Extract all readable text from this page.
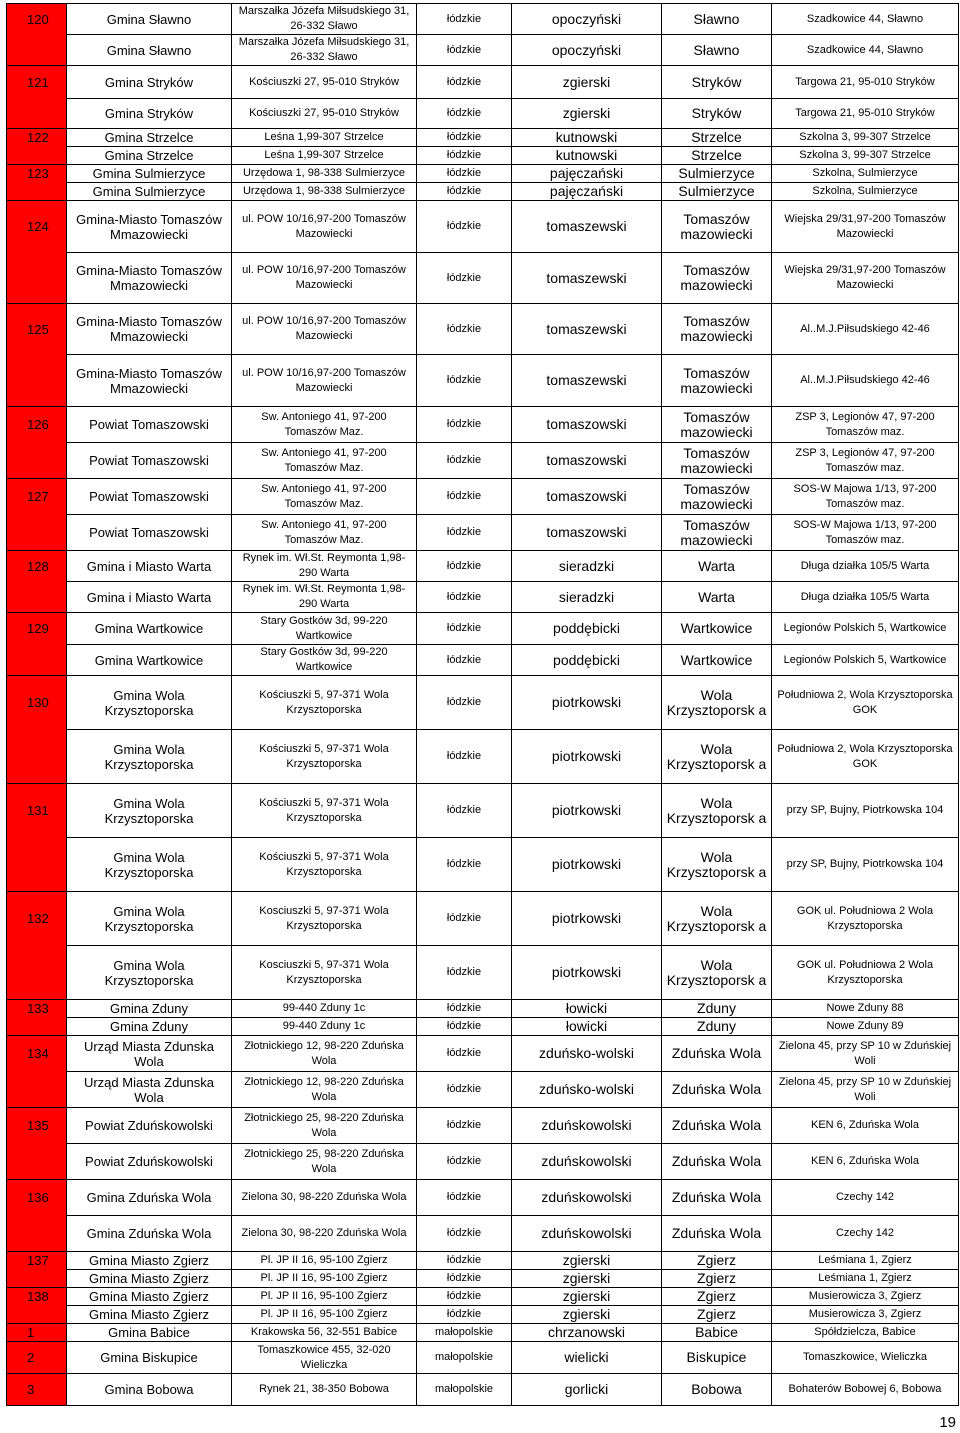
120	Gmina Sławno	Marszałka Józefa Miłsudskiego 31, 26-332 Sławo	łódzkie	opoczyński	Sławno	Szadkowice 44, Sławno
	Gmina Sławno	Marszałka Józefa Miłsudskiego 31, 26-332 Sławo	łódzkie	opoczyński	Sławno	Szadkowice 44, Sławno
121	Gmina Stryków	Kościuszki 27, 95-010 Stryków	łódzkie	zgierski	Stryków	Targowa 21, 95-010 Stryków
	Gmina Stryków	Kościuszki 27, 95-010 Stryków	łódzkie	zgierski	Stryków	Targowa 21, 95-010 Stryków
122	Gmina Strzelce	Leśna 1,99-307 Strzelce	łódzkie	kutnowski	Strzelce	Szkolna 3, 99-307 Strzelce
	Gmina Strzelce	Leśna 1,99-307 Strzelce	łódzkie	kutnowski	Strzelce	Szkolna 3, 99-307 Strzelce
123	Gmina Sulmierzyce	Urzędowa 1, 98-338 Sulmierzyce	łódzkie	pajęczański	Sulmierzyce	Szkolna, Sulmierzyce
	Gmina Sulmierzyce	Urzędowa 1, 98-338 Sulmierzyce	łódzkie	pajęczański	Sulmierzyce	Szkolna, Sulmierzyce
124	Gmina-Miasto Tomaszów Mmazowiecki	ul. POW 10/16,97-200 Tomaszów Mazowiecki	łódzkie	tomaszewski	Tomaszów mazowiecki	Wiejska 29/31,97-200 Tomaszów Mazowiecki
	Gmina-Miasto Tomaszów Mmazowiecki	ul. POW 10/16,97-200 Tomaszów Mazowiecki	łódzkie	tomaszewski	Tomaszów mazowiecki	Wiejska 29/31,97-200 Tomaszów Mazowiecki
125	Gmina-Miasto Tomaszów Mmazowiecki	ul. POW 10/16,97-200 Tomaszów Mazowiecki	łódzkie	tomaszewski	Tomaszów mazowiecki	Al..M.J.Piłsudskiego 42-46
	Gmina-Miasto Tomaszów Mmazowiecki	ul. POW 10/16,97-200 Tomaszów Mazowiecki	łódzkie	tomaszewski	Tomaszów mazowiecki	Al..M.J.Piłsudskiego 42-46
126	Powiat Tomaszowski	Sw. Antoniego 41, 97-200 Tomaszów Maz.	łódzkie	tomaszowski	Tomaszów mazowiecki	ZSP 3, Legionów 47, 97-200 Tomaszów maz.
	Powiat Tomaszowski	Sw. Antoniego 41, 97-200 Tomaszów Maz.	łódzkie	tomaszowski	Tomaszów mazowiecki	ZSP 3, Legionów 47, 97-200 Tomaszów maz.
127	Powiat Tomaszowski	Sw. Antoniego 41, 97-200 Tomaszów Maz.	łódzkie	tomaszowski	Tomaszów mazowiecki	SOS-W Majowa 1/13, 97-200 Tomaszów maz.
	Powiat Tomaszowski	Sw. Antoniego 41, 97-200 Tomaszów Maz.	łódzkie	tomaszowski	Tomaszów mazowiecki	SOS-W Majowa 1/13, 97-200 Tomaszów maz.
128	Gmina i Miasto Warta	Rynek im. Wł.St. Reymonta 1,98-290 Warta	łódzkie	sieradzki	Warta	Długa działka 105/5 Warta
	Gmina i Miasto Warta	Rynek im. Wł.St. Reymonta 1,98-290 Warta	łódzkie	sieradzki	Warta	Długa działka 105/5 Warta
129	Gmina Wartkowice	Stary Gostków 3d, 99-220 Wartkowice	łódzkie	poddębicki	Wartkowice	Legionów Polskich 5, Wartkowice
	Gmina Wartkowice	Stary Gostków 3d, 99-220 Wartkowice	łódzkie	poddębicki	Wartkowice	Legionów Polskich 5, Wartkowice
130	Gmina Wola Krzysztoporska	Kościuszki 5, 97-371 Wola Krzysztoporska	łódzkie	piotrkowski	Wola Krzysztoporsk a	Południowa 2, Wola Krzysztoporska GOK
	Gmina Wola Krzysztoporska	Kościuszki 5, 97-371 Wola Krzysztoporska	łódzkie	piotrkowski	Wola Krzysztoporsk a	Południowa 2, Wola Krzysztoporska GOK
131	Gmina Wola Krzysztoporska	Kościuszki 5, 97-371 Wola Krzysztoporska	łódzkie	piotrkowski	Wola Krzysztoporsk a	przy SP, Bujny, Piotrkowska 104
	Gmina Wola Krzysztoporska	Kościuszki 5, 97-371 Wola Krzysztoporska	łódzkie	piotrkowski	Wola Krzysztoporsk a	przy SP, Bujny, Piotrkowska 104
132	Gmina Wola Krzysztoporska	Kosciuszki 5, 97-371 Wola Krzysztoporska	łódzkie	piotrkowski	Wola Krzysztoporsk a	GOK ul. Południowa 2 Wola Krzysztoporska
	Gmina Wola Krzysztoporska	Kosciuszki 5, 97-371 Wola Krzysztoporska	łódzkie	piotrkowski	Wola Krzysztoporsk a	GOK ul. Południowa 2 Wola Krzysztoporska
133	Gmina Zduny	99-440 Zduny 1c	łódzkie	łowicki	Zduny	Nowe Zduny 88
	Gmina Zduny	99-440 Zduny 1c	łódzkie	łowicki	Zduny	Nowe Zduny 89
134	Urząd Miasta Zdunska Wola	Złotnickiego 12, 98-220 Zduńska Wola	łódzkie	zduńsko-wolski	Zduńska Wola	Zielona 45, przy SP 10 w Zduńskiej Woli
	Urząd Miasta Zdunska Wola	Złotnickiego 12, 98-220 Zduńska Wola	łódzkie	zduńsko-wolski	Zduńska Wola	Zielona 45, przy SP 10 w Zduńskiej Woli
135	Powiat Zduńskowolski	Złotnickiego 25, 98-220 Zduńska Wola	łódzkie	zduńskowolski	Zduńska Wola	KEN 6, Zduńska Wola
	Powiat Zduńskowolski	Złotnickiego 25, 98-220 Zduńska Wola	łódzkie	zduńskowolski	Zduńska Wola	KEN 6, Zduńska Wola
136	Gmina Zduńska Wola	Zielona 30, 98-220 Zduńska Wola	łódzkie	zduńskowolski	Zduńska Wola	Czechy 142
	Gmina Zduńska Wola	Zielona 30, 98-220 Zduńska Wola	łódzkie	zduńskowolski	Zduńska Wola	Czechy 142
137	Gmina Miasto Zgierz	Pl. JP II 16, 95-100 Zgierz	łódzkie	zgierski	Zgierz	Leśmiana 1, Zgierz
	Gmina Miasto Zgierz	Pl. JP II 16, 95-100 Zgierz	łódzkie	zgierski	Zgierz	Leśmiana 1, Zgierz
138	Gmina Miasto Zgierz	Pl. JP II 16, 95-100 Zgierz	łódzkie	zgierski	Zgierz	Musierowicza 3, Zgierz
	Gmina Miasto Zgierz	Pl. JP II 16, 95-100 Zgierz	łódzkie	zgierski	Zgierz	Musierowicza 3, Zgierz
1	Gmina Babice	Krakowska 56, 32-551 Babice	małopolskie	chrzanowski	Babice	Spółdzielcza, Babice
2	Gmina Biskupice	Tomaszkowice 455, 32-020 Wieliczka	małopolskie	wielicki	Biskupice	Tomaszkowice, Wieliczka
3	Gmina Bobowa	Rynek 21, 38-350 Bobowa	małopolskie	gorlicki	Bobowa	Bohaterów Bobowej 6, Bobowa
19
